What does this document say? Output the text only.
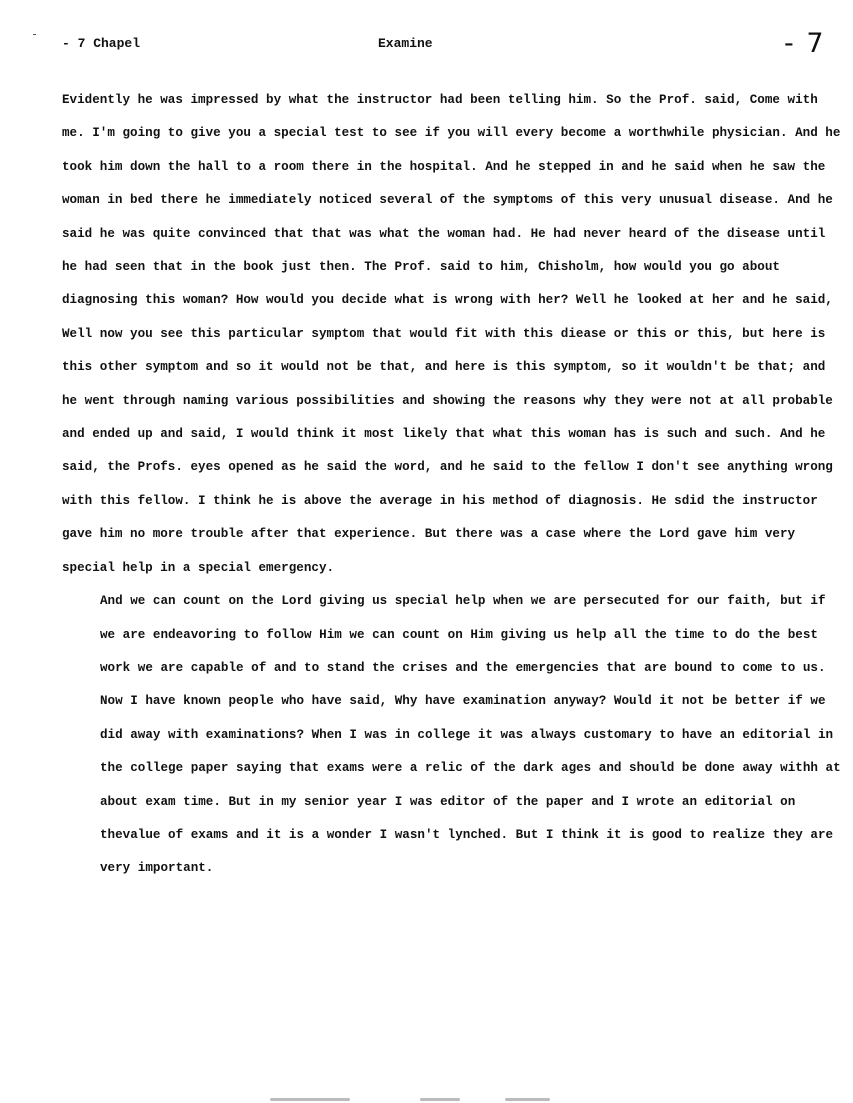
- 7 Chapel	Examine	- 7

Evidently he was impressed by what the instructor had been telling him. So the Prof. said, Come with me. I'm going to give you a special test to see if you will every become a worthwhile physician. And he took him down the hall to a room there in the hospital. And he stepped in and he said when he saw the woman in bed there he immediately noticed several of the symptoms of this very unusual disease. And he said he was quite convinced that that was what the woman had. He had never heard of the disease until he had seen that in the book just then. The Prof. said to him, Chisholm, how would you go about diagnosing this woman? How would you decide what is wrong with her? Well he looked at her and he said, Well now you see this particular symptom that would fit with this diease or this or this, but here is this other symptom and so it would not be that, and here is this symptom, so it wouldn't be that; and he went through naming various possibilities and showing the reasons why they were not at all probable and ended up and said, I would think it most likely that what this woman has is such and such. And he said, the Profs. eyes opened as he said the word, and he said to the fellow I don't see anything wrong with this fellow. I think he is above the average in his method of diagnosis. He sdid the instructor gave him no more trouble after that experience. But there was a case where the Lord gave him very special help in a special emergency.

And we can count on the Lord giving us special help when we are persecuted for our faith, but if we are endeavoring to follow Him we can count on Him giving us help all the time to do the best work we are capable of and to stand the crises and the emergencies that are bound to come to us.

Now I have known people who have said, Why have examination anyway? Would it not be better if we did away with examinations? When I was in college it was always customary to have an editorial in the college paper saying that exams were a relic of the dark ages and should be done away withh at about exam time. But in my senior year I was editor of the paper and I wrote an editorial on thevalue of exams and it is a wonder I wasn't lynched. But I think it is good to realize they are very important.
